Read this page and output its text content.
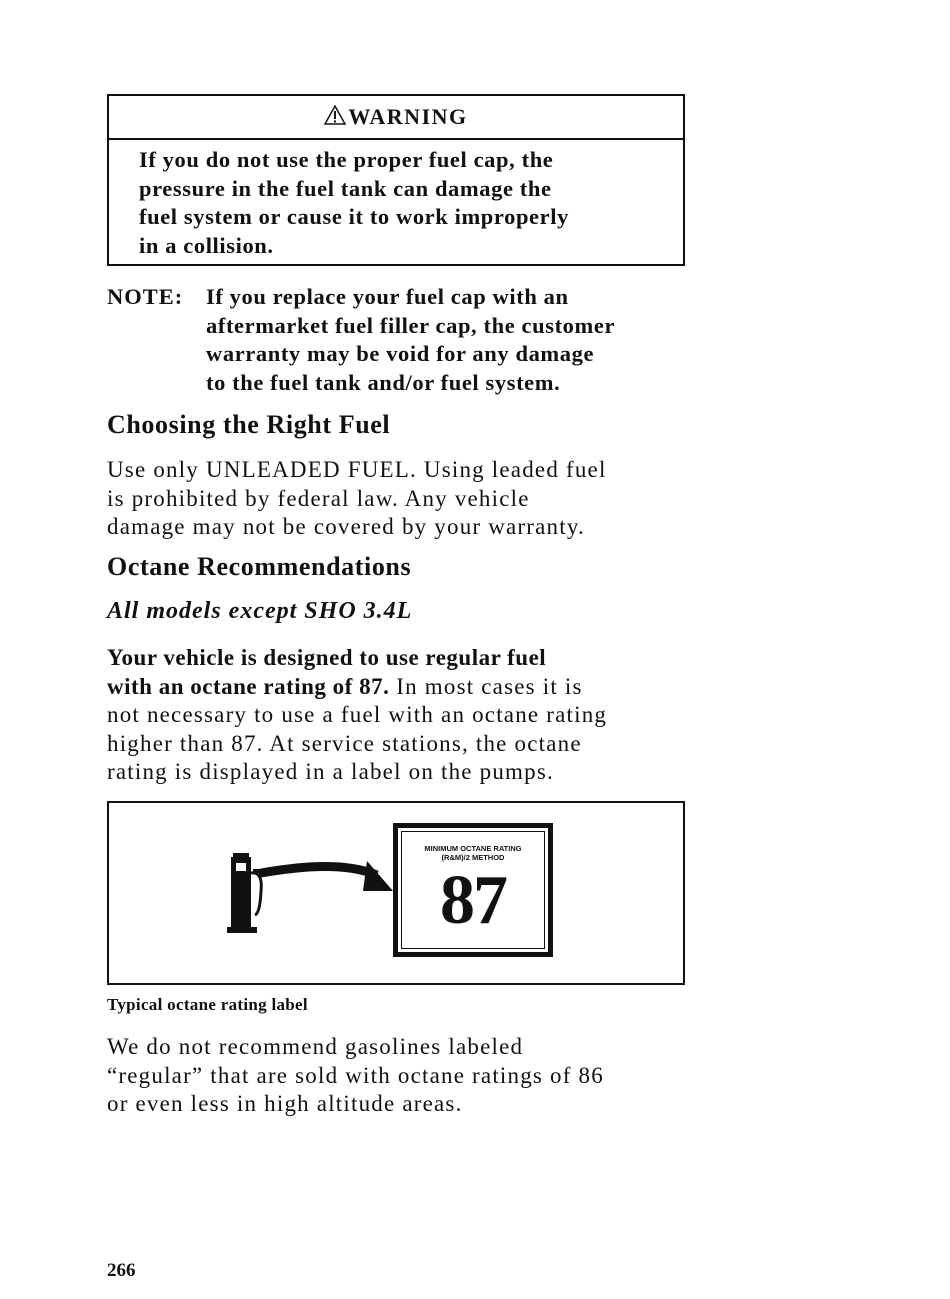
WARNING
If you do not use the proper fuel cap, the
pressure in the fuel tank can damage the
fuel system or cause it to work improperly
in a collision.
NOTE: If you replace your fuel cap with an
aftermarket fuel filler cap, the customer
warranty may be void for any damage
to the fuel tank and/or fuel system.
Choosing the Right Fuel
Use only UNLEADED FUEL. Using leaded fuel
is prohibited by federal law. Any vehicle
damage may not be covered by your warranty.
Octane Recommendations
All models except SHO 3.4L
Your vehicle is designed to use regular fuel
with an octane rating of 87. In most cases it is
not necessary to use a fuel with an octane rating
higher than 87. At service stations, the octane
rating is displayed in a label on the pumps.
MINIMUM OCTANE RATING
(R&M)/2 METHOD
87
Typical octane rating label
We do not recommend gasolines labeled
“regular” that are sold with octane ratings of 86
or even less in high altitude areas.
266
